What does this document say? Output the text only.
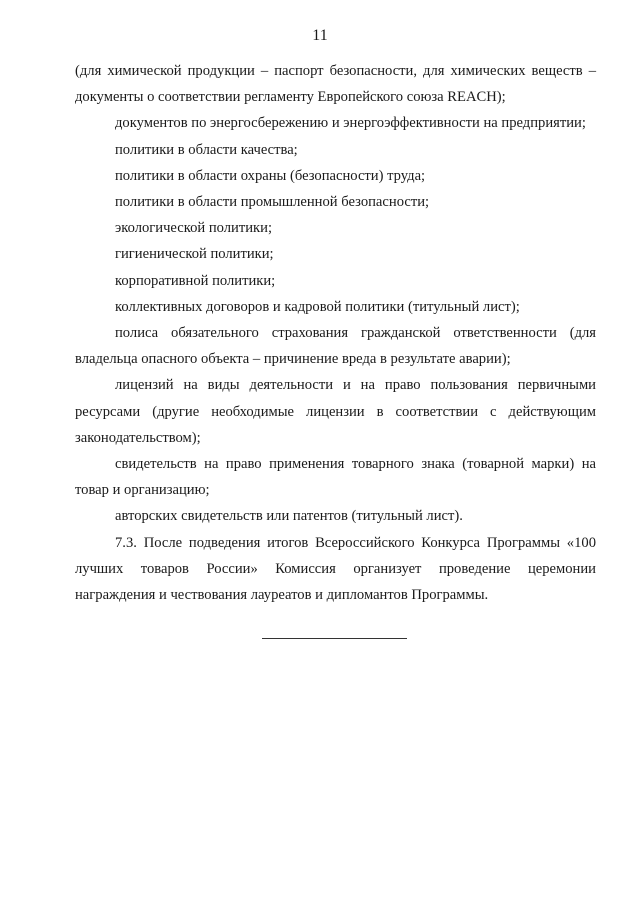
11

(для химической продукции – паспорт безопасности, для химических веществ – документы о соответствии регламенту Европейского союза REACH);

документов по энергосбережению и энергоэффективности на предприятии;

политики в области качества;

политики в области охраны (безопасности) труда;

политики в области промышленной безопасности;

экологической политики;

гигиенической политики;

корпоративной политики;

коллективных договоров и кадровой политики (титульный лист);

полиса обязательного страхования гражданской ответственности (для владельца опасного объекта – причинение вреда в результате аварии);

лицензий на виды деятельности и на право пользования первичными ресурсами (другие необходимые лицензии в соответствии с действующим законодательством);

свидетельств на право применения товарного знака (товарной марки) на товар и организацию;

авторских свидетельств или патентов (титульный лист).

7.3. После подведения итогов Всероссийского Конкурса Программы «100 лучших товаров России» Комиссия организует проведение церемонии награждения и чествования лауреатов и дипломантов Программы.
